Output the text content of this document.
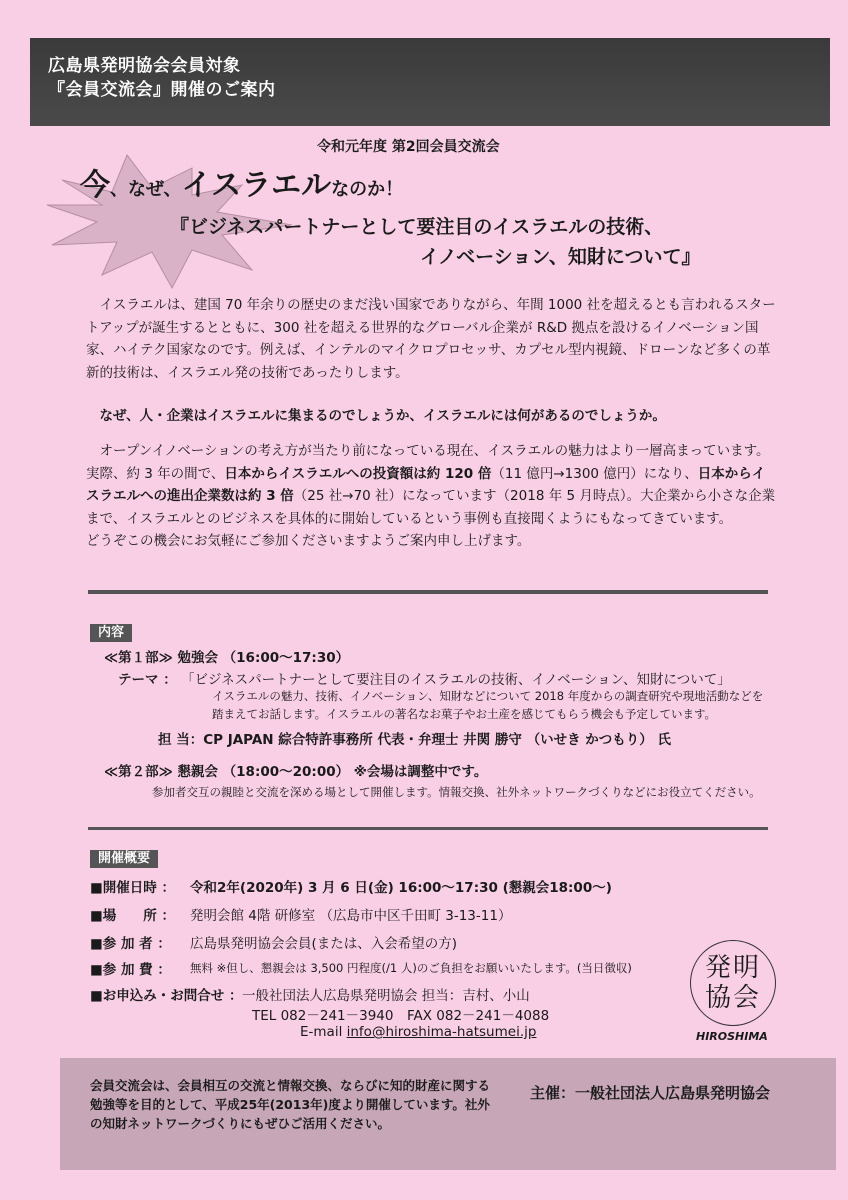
広島県発明協会会員対象
『会員交流会』開催のご案内
令和元年度 第2回会員交流会
今、なぜ、イスラエルなのか！
『ビジネスパートナーとして要注目のイスラエルの技術、
イノベーション、知財について』

イスラエルは、建国 70 年余りの歴史のまだ浅い国家でありながら、年間 1000 社を超えるとも言われるスタートアップが誕生するとともに、300 社を超える世界的なグローバル企業が R&D 拠点を設けるイノベーション国家、ハイテク国家なのです。例えば、インテルのマイクロプロセッサ、カプセル型内視鏡、ドローンなど多くの革新的技術は、イスラエル発の技術であったりします。

なぜ、人・企業はイスラエルに集まるのでしょうか、イスラエルには何があるのでしょうか。

オープンイノベーションの考え方が当たり前になっている現在、イスラエルの魅力はより一層高まっています。実際、約 3 年の間で、日本からイスラエルへの投資額は約 120 倍（11 億円→1300 億円）になり、日本からイスラエルへの進出企業数は約 3 倍（25 社→70 社）になっています（2018 年 5 月時点）。大企業から小さな企業まで、イスラエルとのビジネスを具体的に開始しているという事例も直接聞くようにもなってきています。
どうぞこの機会にお気軽にご参加くださいますようご案内申し上げます。

内容
≪第１部≫ 勉強会 （16:00～17:30）
テーマ ： 「ビジネスパートナーとして要注目のイスラエルの技術、イノベーション、知財について」
イスラエルの魅力、技術、イノベーション、知財などについて 2018 年度からの調査研究や現地活動などを
踏まえてお話します。イスラエルの著名なお菓子やお土産を感じてもらう機会も予定しています。
担 当：CP JAPAN 綜合特許事務所 代表・弁理士 井関 勝守 （いせき かつもり） 氏
≪第２部≫ 懇親会 （18:00～20:00） ※会場は調整中です。
参加者交互の親睦と交流を深める場として開催します。情報交換、社外ネットワークづくりなどにお役立てください。
開催概要
■開催日時 ： 令和2年(2020年) 3 月 6 日(金) 16:00～17:30 (懇親会18:00～)
■場　　所 ： 発明会館 4階 研修室 （広島市中区千田町 3-13-11）
■参 加 者 ： 広島県発明協会会員(または、入会希望の方)
■参 加 費 ： 無料 ※但し、懇親会は 3,500 円程度(/1 人)のご負担をお願いいたします。(当日徴収)
■お申込み・お問合せ ： 一般社団法人広島県発明協会 担当：吉村、小山
TEL 082－241－3940　FAX 082－241－4088
E-mail info@hiroshima-hatsumei.jp
発明
協会
HIROSHIMA

会員交流会は、会員相互の交流と情報交換、ならびに知的財産に関する勉強等を目的として、平成25年(2013年)度より開催しています。社外の知財ネットワークづくりにもぜひご活用ください。

主催：一般社団法人広島県発明協会
